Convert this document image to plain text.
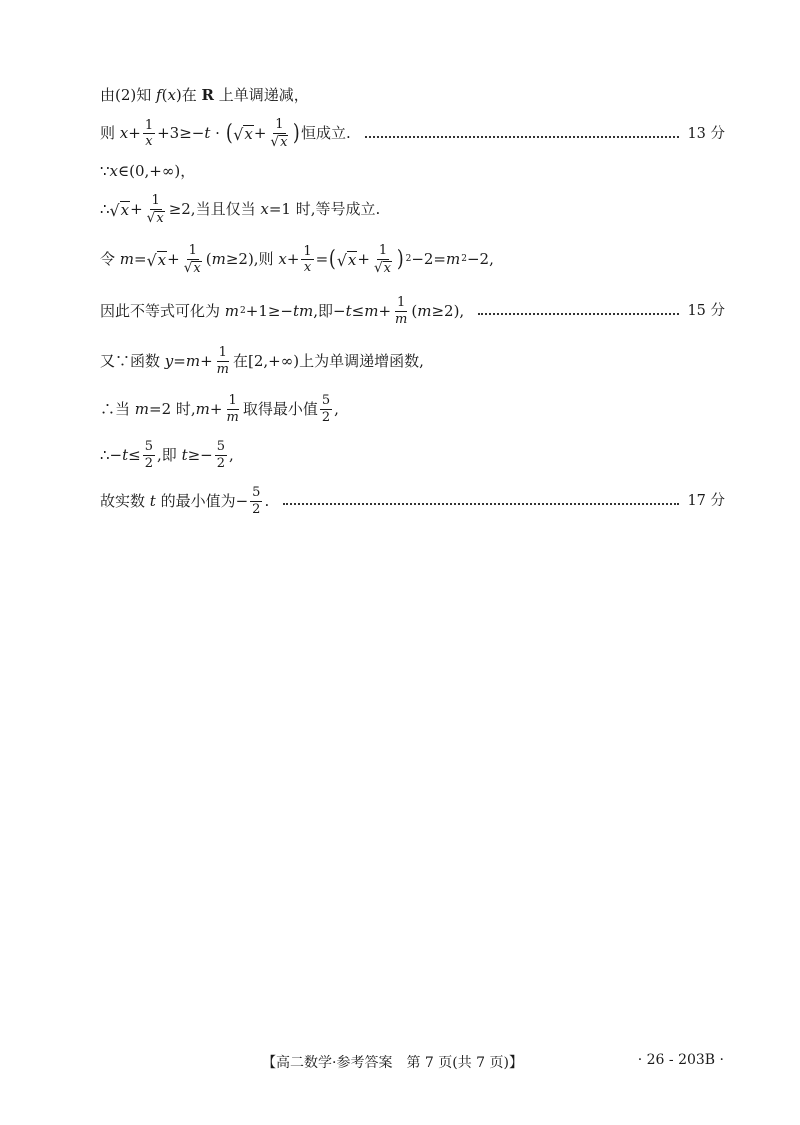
由(2)知 f ( x )在 R 上单调递减，
则 $x + \frac{1}{x} +3\ge- t$ · ( √ $x + \frac{1}{√ x}$ ) 恒成立.	13 分
∵ x ∈(0,+∞)，
∴ √ $x + \frac{1}{√ x} \ge 2$,当且仅当 x =1 时,等号成立.
令 m = √ $x + \frac{1}{√ x}$ ( m ≥2),则 $x + \frac{1}{x}$ = ( √ $x + \frac{1}{√ x}$ ) 2 −2= m 2 −2,
因此不等式可化为 m 2 +1≥− tm ,即− $t \le m + \frac{1}{m}$ ( m ≥2),	15 分
又∵函数 $y = m + \frac{1}{m}$ 在[2,+∞)上为单调递增函数,
∴当 m =2 时, $m + \frac{1}{m}$ 取得最小值 $\frac{5}{2}$ ,
∴− $t \le \frac{5}{2}$ ,即 $t \ge- \frac{5}{2}$ ,
故实数 t 的最小值为− $\frac{5}{2}$ .	17 分
【高二数学·参考答案　第 7 页(共 7 页)】	· 26 - 203B ·
